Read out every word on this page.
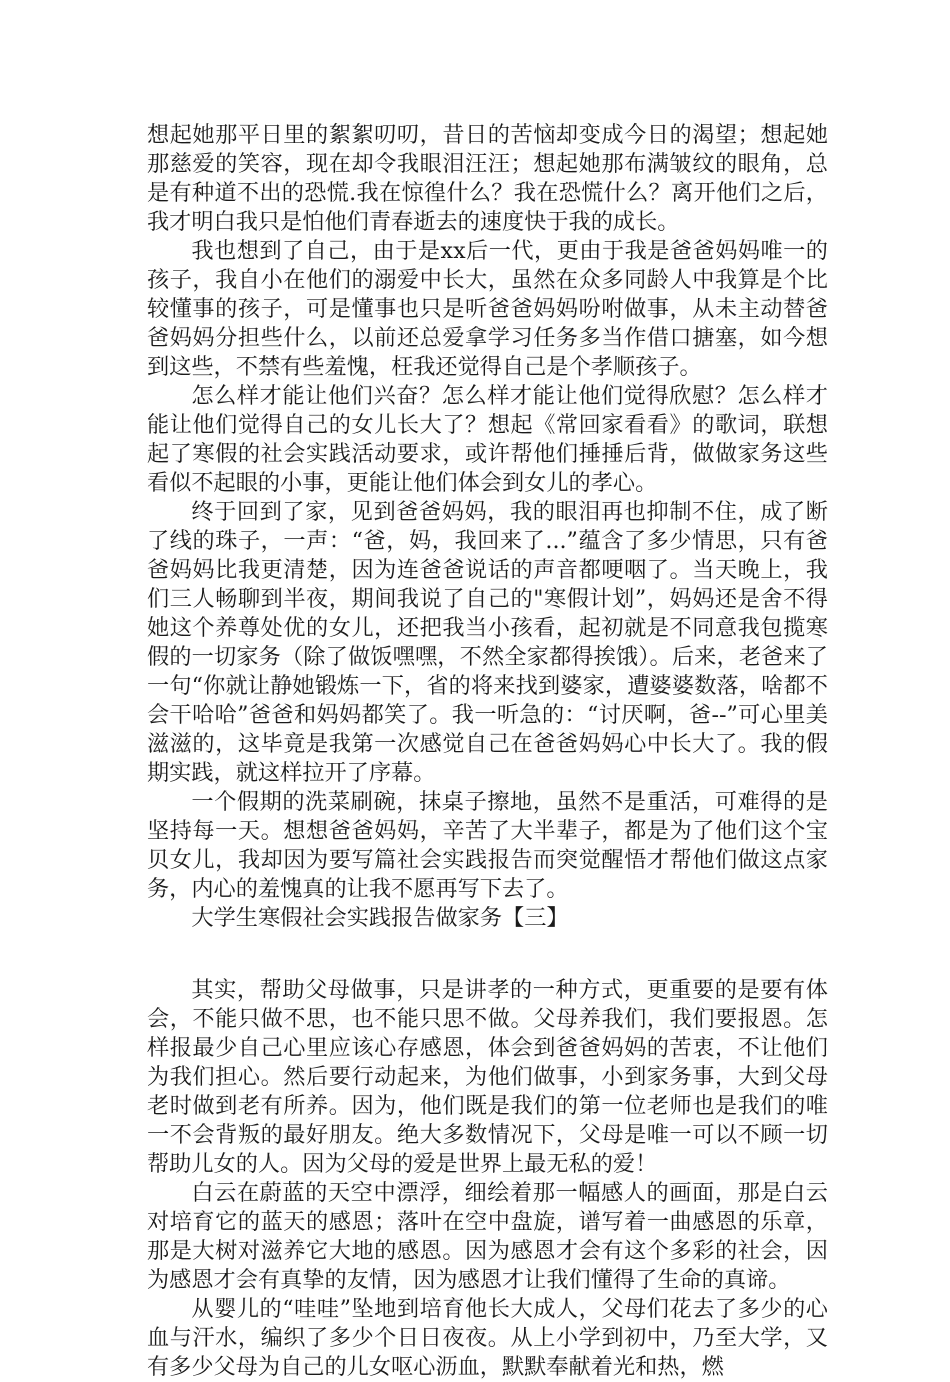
想起她那平日里的絮絮叨叨，昔日的苦恼却变成今日的渴望；想起她那慈爱的笑容，现在却令我眼泪汪汪；想起她那布满皱纹的眼角，总是有种道不出的恐慌.我在惊徨什么？我在恐慌什么？离开他们之后，我才明白我只是怕他们青春逝去的速度快于我的成长。

我也想到了自己，由于是xx后一代，更由于我是爸爸妈妈唯一的孩子，我自小在他们的溺爱中长大，虽然在众多同龄人中我算是个比较懂事的孩子，可是懂事也只是听爸爸妈妈吩咐做事，从未主动替爸爸妈妈分担些什么，以前还总爱拿学习任务多当作借口搪塞，如今想到这些，不禁有些羞愧，枉我还觉得自己是个孝顺孩子。

怎么样才能让他们兴奋？怎么样才能让他们觉得欣慰？怎么样才能让他们觉得自己的女儿长大了？想起《常回家看看》的歌词，联想起了寒假的社会实践活动要求，或许帮他们捶捶后背，做做家务这些看似不起眼的小事，更能让他们体会到女儿的孝心。

终于回到了家，见到爸爸妈妈，我的眼泪再也抑制不住，成了断了线的珠子，一声：“爸，妈，我回来了...”蕴含了多少情思，只有爸爸妈妈比我更清楚，因为连爸爸说话的声音都哽咽了。当天晚上，我们三人畅聊到半夜，期间我说了自己的"寒假计划”，妈妈还是舍不得她这个养尊处优的女儿，还把我当小孩看，起初就是不同意我包揽寒假的一切家务（除了做饭嘿嘿，不然全家都得挨饿）。后来，老爸来了一句“你就让静她锻炼一下，省的将来找到婆家，遭婆婆数落，啥都不会干哈哈”爸爸和妈妈都笑了。我一听急的：“讨厌啊，爸--”可心里美滋滋的，这毕竟是我第一次感觉自己在爸爸妈妈心中长大了。我的假期实践，就这样拉开了序幕。

一个假期的洗菜刷碗，抹桌子擦地，虽然不是重活，可难得的是坚持每一天。想想爸爸妈妈，辛苦了大半辈子，都是为了他们这个宝贝女儿，我却因为要写篇社会实践报告而突觉醒悟才帮他们做这点家务，内心的羞愧真的让我不愿再写下去了。

大学生寒假社会实践报告做家务【三】

其实，帮助父母做事，只是讲孝的一种方式，更重要的是要有体会，不能只做不思，也不能只思不做。父母养我们，我们要报恩。怎样报最少自己心里应该心存感恩，体会到爸爸妈妈的苦衷，不让他们为我们担心。然后要行动起来，为他们做事，小到家务事，大到父母老时做到老有所养。因为，他们既是我们的第一位老师也是我们的唯一不会背叛的最好朋友。绝大多数情况下，父母是唯一可以不顾一切帮助儿女的人。因为父母的爱是世界上最无私的爱！

白云在蔚蓝的天空中漂浮，细绘着那一幅感人的画面，那是白云对培育它的蓝天的感恩；落叶在空中盘旋，谱写着一曲感恩的乐章，那是大树对滋养它大地的感恩。因为感恩才会有这个多彩的社会，因为感恩才会有真挚的友情，因为感恩才让我们懂得了生命的真谛。

从婴儿的“哇哇”坠地到培育他长大成人，父母们花去了多少的心血与汗水，编织了多少个日日夜夜。从上小学到初中，乃至大学，又有多少父母为自己的儿女呕心沥血，默默奉献着光和热，燃
